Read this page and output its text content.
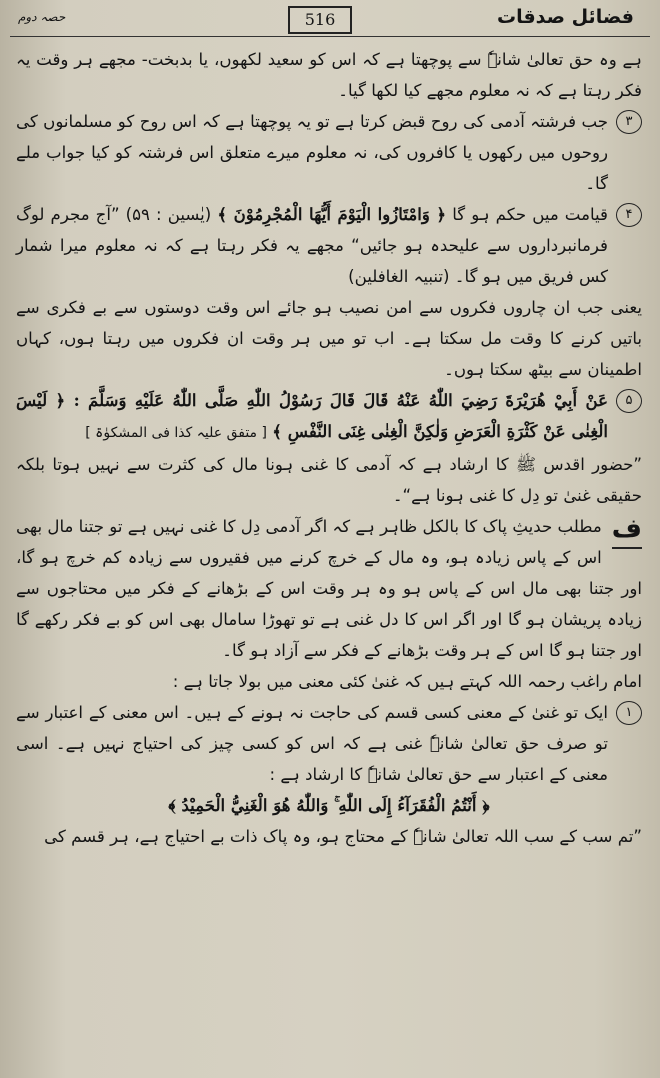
فضائل صدقات
516
حصہ دوم

ہے وہ حق تعالیٰ شانہٗ سے پوچھتا ہے کہ اس کو سعید لکھوں، یا بدبخت- مجھے ہر وقت یہ فکر رہتا ہے کہ نہ معلوم مجھے کیا لکھا گیا۔

۳
جب فرشتہ آدمی کی روح قبض کرتا ہے تو یہ پوچھتا ہے کہ اس روح کو مسلمانوں کی روحوں میں رکھوں یا کافروں کی، نہ معلوم میرے متعلق اس فرشتہ کو کیا جواب ملے گا۔
۴
قیامت میں حکم ہو گا ﴿ وَامْتَازُوا الْيَوْمَ أَيُّهَا الْمُجْرِمُوْنَ ﴾ (یٰسین : ۵۹) ”آج مجرم لوگ فرمانبرداروں سے علیحدہ ہو جائیں“ مجھے یہ فکر رہتا ہے کہ نہ معلوم میرا شمار کس فریق میں ہو گا۔ (تنبیہ الغافلین)

یعنی جب ان چاروں فکروں سے امن نصیب ہو جائے اس وقت دوستوں سے بے فکری سے باتیں کرنے کا وقت مل سکتا ہے۔ اب تو میں ہر وقت ان فکروں میں رہتا ہوں، کہاں اطمینان سے بیٹھ سکتا ہوں۔

۵
عَنْ أَبِيْ هُرَيْرَةَ رَضِيَ اللّٰهُ عَنْهُ قَالَ قَالَ رَسُوْلُ اللّٰهِ صَلَّى اللّٰهُ عَلَيْهِ وَسَلَّمَ : ﴿ لَيْسَ الْغِنٰى عَنْ كَثْرَةِ الْعَرَضِ وَلٰكِنَّ الْغِنٰى غِنَى النَّفْسِ ﴾ [ متفق علیہ کذا فی المشکوٰۃ ]

”حضور اقدس ﷺ کا ارشاد ہے کہ آدمی کا غنی ہونا مال کی کثرت سے نہیں ہوتا بلکہ حقیقی غنیٰ تو دِل کا غنی ہونا ہے“۔

ف
مطلب حدیثِ پاک کا بالکل ظاہر ہے کہ اگر آدمی دِل کا غنی نہیں ہے تو جتنا مال بھی اس کے پاس زیادہ ہو، وہ مال کے خرچ کرنے میں فقیروں سے زیادہ کم خرچ ہو گا، اور جتنا بھی مال اس کے پاس ہو وہ ہر وقت اس کے بڑھانے کے فکر میں محتاجوں سے زیادہ پریشان ہو گا اور اگر اس کا دل غنی ہے تو تھوڑا سامال بھی اس کو بے فکر رکھے گا اور جتنا ہو گا اس کے ہر وقت بڑھانے کے فکر سے آزاد ہو گا۔

امام راغب رحمہ اللہ کہتے ہیں کہ غنیٰ کئی معنی میں بولا جاتا ہے :

۱
ایک تو غنیٰ کے معنی کسی قسم کی حاجت نہ ہونے کے ہیں۔ اس معنی کے اعتبار سے تو صرف حق تعالیٰ شانہٗ غنی ہے کہ اس کو کسی چیز کی احتیاج نہیں ہے۔ اسی معنی کے اعتبار سے حق تعالیٰ شانہٗ کا ارشاد ہے :

﴿ أَنْتُمُ الْفُقَرَآءُ إِلَى اللّٰهِ ۚ وَاللّٰهُ هُوَ الْغَنِيُّ الْحَمِيْدُ ﴾

”تم سب کے سب اللہ تعالیٰ شانہٗ کے محتاج ہو، وہ پاک ذات بے احتیاج ہے، ہر قسم کی
